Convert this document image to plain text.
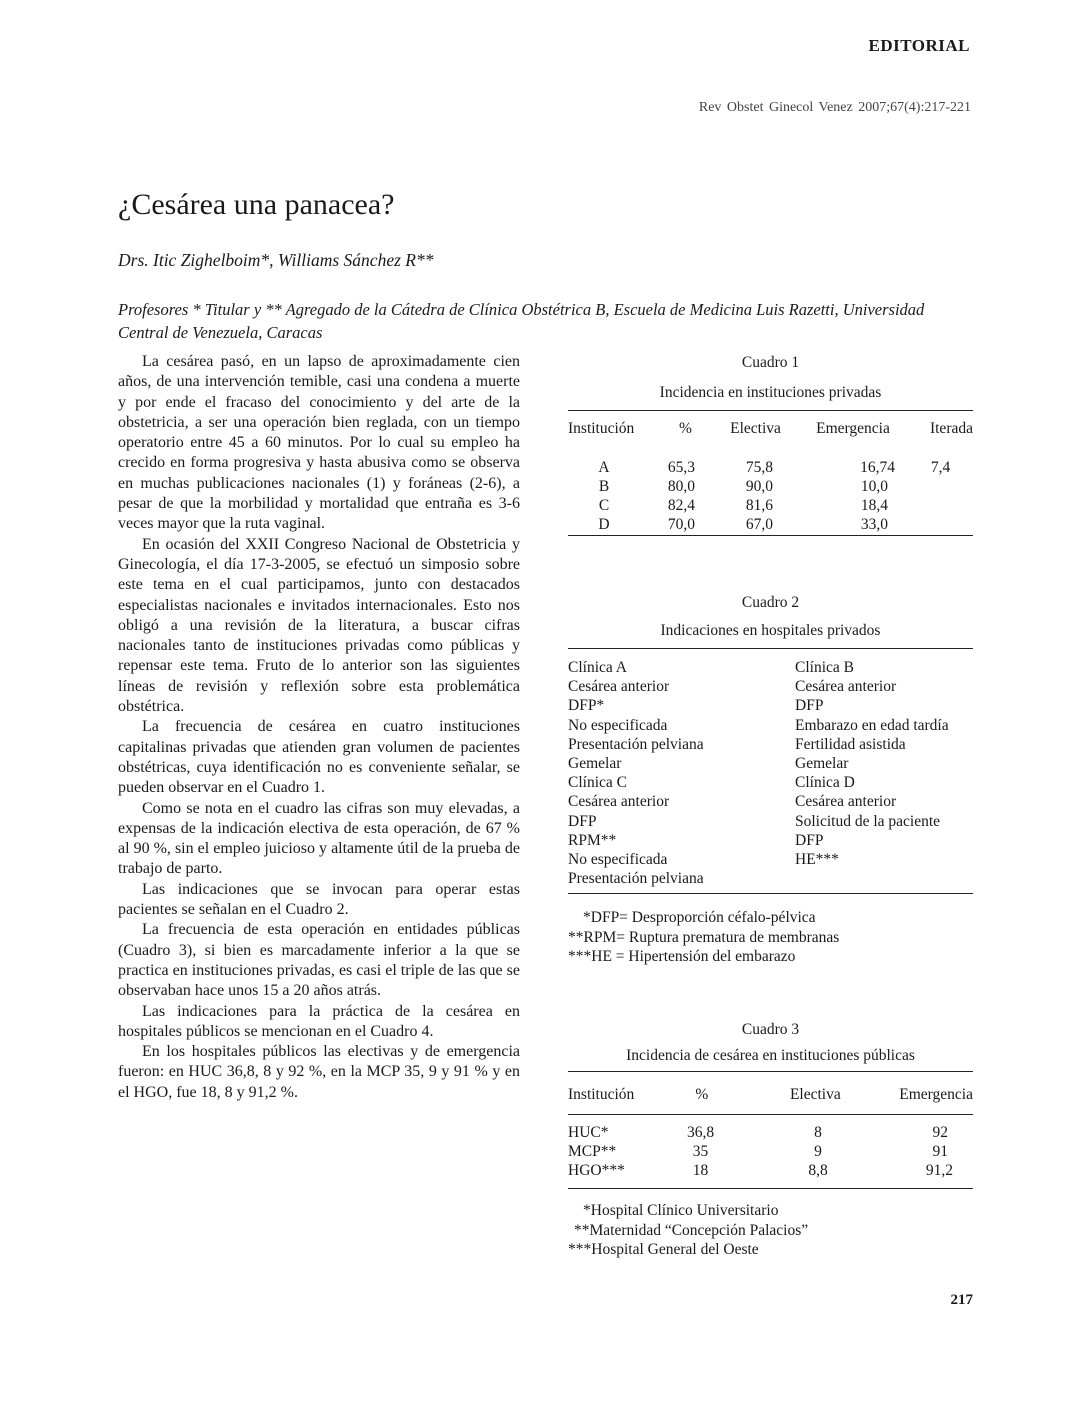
EDITORIAL
Rev Obstet Ginecol Venez 2007;67(4):217-221
¿Cesárea una panacea?

Drs. Itic Zighelboim*, Williams Sánchez R**

Profesores * Titular y ** Agregado de la Cátedra de Clínica Obstétrica B, Escuela de Medicina Luis Razetti, Universidad Central de Venezuela, Caracas

La cesárea pasó, en un lapso de aproximadamente cien años, de una intervención temible, casi una condena a muerte y por ende el fracaso del conocimiento y del arte de la obstetricia, a ser una operación bien reglada, con un tiempo operatorio entre 45 a 60 minutos. Por lo cual su empleo ha crecido en forma progresiva y hasta abusiva como se observa en muchas publicaciones nacionales (1) y foráneas (2-6), a pesar de que la morbilidad y mortalidad que entraña es 3-6 veces mayor que la ruta vaginal.

En ocasión del XXII Congreso Nacional de Obstetricia y Ginecología, el día 17-3-2005, se efectuó un simposio sobre este tema en el cual participamos, junto con destacados especialistas nacionales e invitados internacionales. Esto nos obligó a una revisión de la literatura, a buscar cifras nacionales tanto de instituciones privadas como públicas y repensar este tema. Fruto de lo anterior son las siguientes líneas de revisión y reflexión sobre esta problemática obstétrica.

La frecuencia de cesárea en cuatro instituciones capitalinas privadas que atienden gran volumen de pacientes obstétricas, cuya identificación no es conveniente señalar, se pueden observar en el Cuadro 1.

Como se nota en el cuadro las cifras son muy elevadas, a expensas de la indicación electiva de esta operación, de 67 % al 90 %, sin el empleo juicioso y altamente útil de la prueba de trabajo de parto.

Las indicaciones que se invocan para operar estas pacientes se señalan en el Cuadro 2.

La frecuencia de esta operación en entidades públicas (Cuadro 3), si bien es marcadamente inferior a la que se practica en instituciones privadas, es casi el triple de las que se observaban hace unos 15 a 20 años atrás.

Las indicaciones para la práctica de la cesárea en hospitales públicos se mencionan en el Cuadro 4.

En los hospitales públicos las electivas y de emergencia fueron: en HUC 36,8, 8 y 92 %, en la MCP 35, 9 y 91 % y en el HGO, fue 18, 8 y 91,2 %.

Cuadro 1
Incidencia en instituciones privadas
Institución	%	Electiva	Emergencia	Iterada
A	65,3	75,8	16,74	7,4
B	80,0	90,0	10,0	
C	82,4	81,6	18,4	
D	70,0	67,0	33,0	
Cuadro 2
Indicaciones en hospitales privados
Clínica A	Clínica B
Cesárea anterior	Cesárea anterior
DFP*	DFP
No especificada	Embarazo en edad tardía
Presentación pelviana	Fertilidad asistida
Gemelar	Gemelar
Clínica C	Clínica D
Cesárea anterior	Cesárea anterior
DFP	Solicitud de la paciente
RPM**	DFP
No especificada	HE***
Presentación pelviana	
*DFP= Desproporción céfalo-pélvica
**RPM= Ruptura prematura de membranas
***HE = Hipertensión del embarazo
Cuadro 3
Incidencia de cesárea en instituciones públicas
Institución	%	Electiva	Emergencia
HUC*	36,8	8	92
MCP**	35	9	91
HGO***	18	8,8	91,2
*Hospital Clínico Universitario
**Maternidad “Concepción Palacios”
***Hospital General del Oeste
217
